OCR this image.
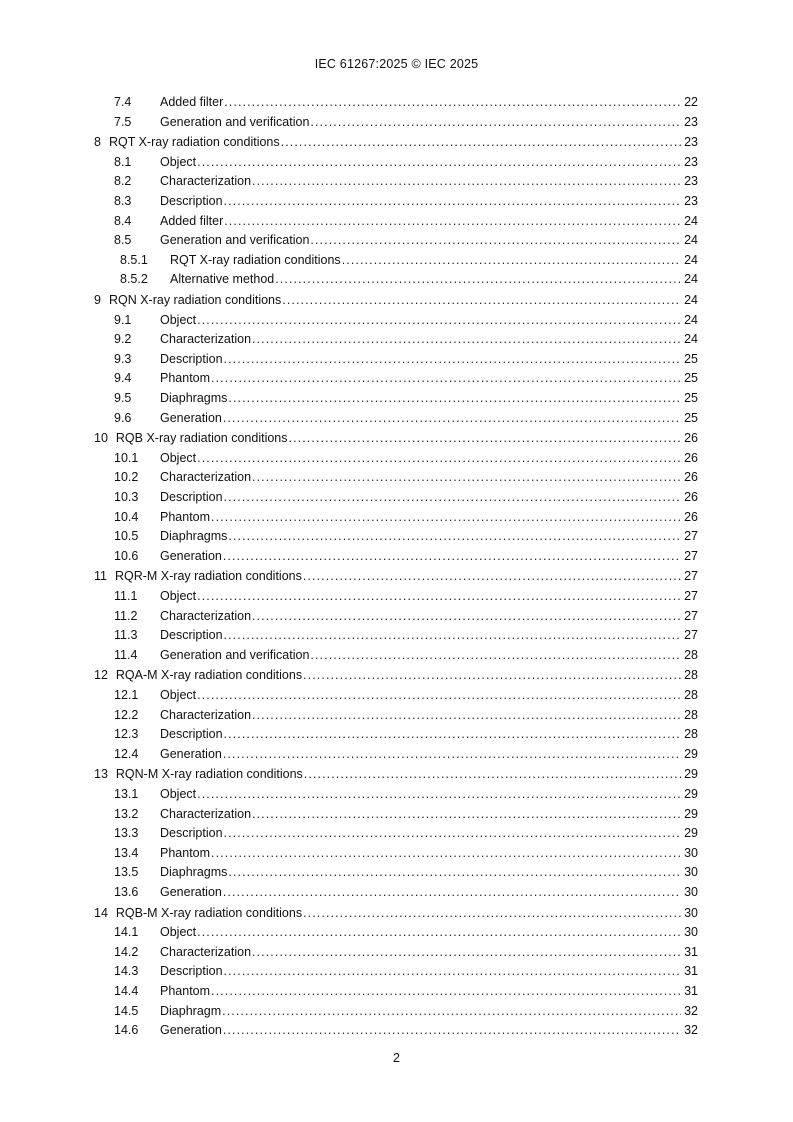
IEC 61267:2025 © IEC 2025
7.4	Added filter .....	22
7.5	Generation and verification .....	23
8 RQT X-ray radiation conditions .....	23
8.1	Object .....	23
8.2	Characterization .....	23
8.3	Description .....	23
8.4	Added filter .....	24
8.5	Generation and verification .....	24
8.5.1	RQT X-ray radiation conditions .....	24
8.5.2	Alternative method .....	24
9 RQN X-ray radiation conditions .....	24
9.1	Object .....	24
9.2	Characterization .....	24
9.3	Description .....	25
9.4	Phantom .....	25
9.5	Diaphragms .....	25
9.6	Generation .....	25
10 RQB X-ray radiation conditions .....	26
10.1	Object .....	26
10.2	Characterization .....	26
10.3	Description .....	26
10.4	Phantom .....	26
10.5	Diaphragms .....	27
10.6	Generation .....	27
11 RQR-M X-ray radiation conditions .....	27
11.1	Object .....	27
11.2	Characterization .....	27
11.3	Description .....	27
11.4	Generation and verification .....	28
12 RQA-M X-ray radiation conditions .....	28
12.1	Object .....	28
12.2	Characterization .....	28
12.3	Description .....	28
12.4	Generation .....	29
13 RQN-M X-ray radiation conditions .....	29
13.1	Object .....	29
13.2	Characterization .....	29
13.3	Description .....	29
13.4	Phantom .....	30
13.5	Diaphragms .....	30
13.6	Generation .....	30
14 RQB-M X-ray radiation conditions .....	30
14.1	Object .....	30
14.2	Characterization .....	31
14.3	Description .....	31
14.4	Phantom .....	31
14.5	Diaphragm .....	32
14.6	Generation .....	32
2
